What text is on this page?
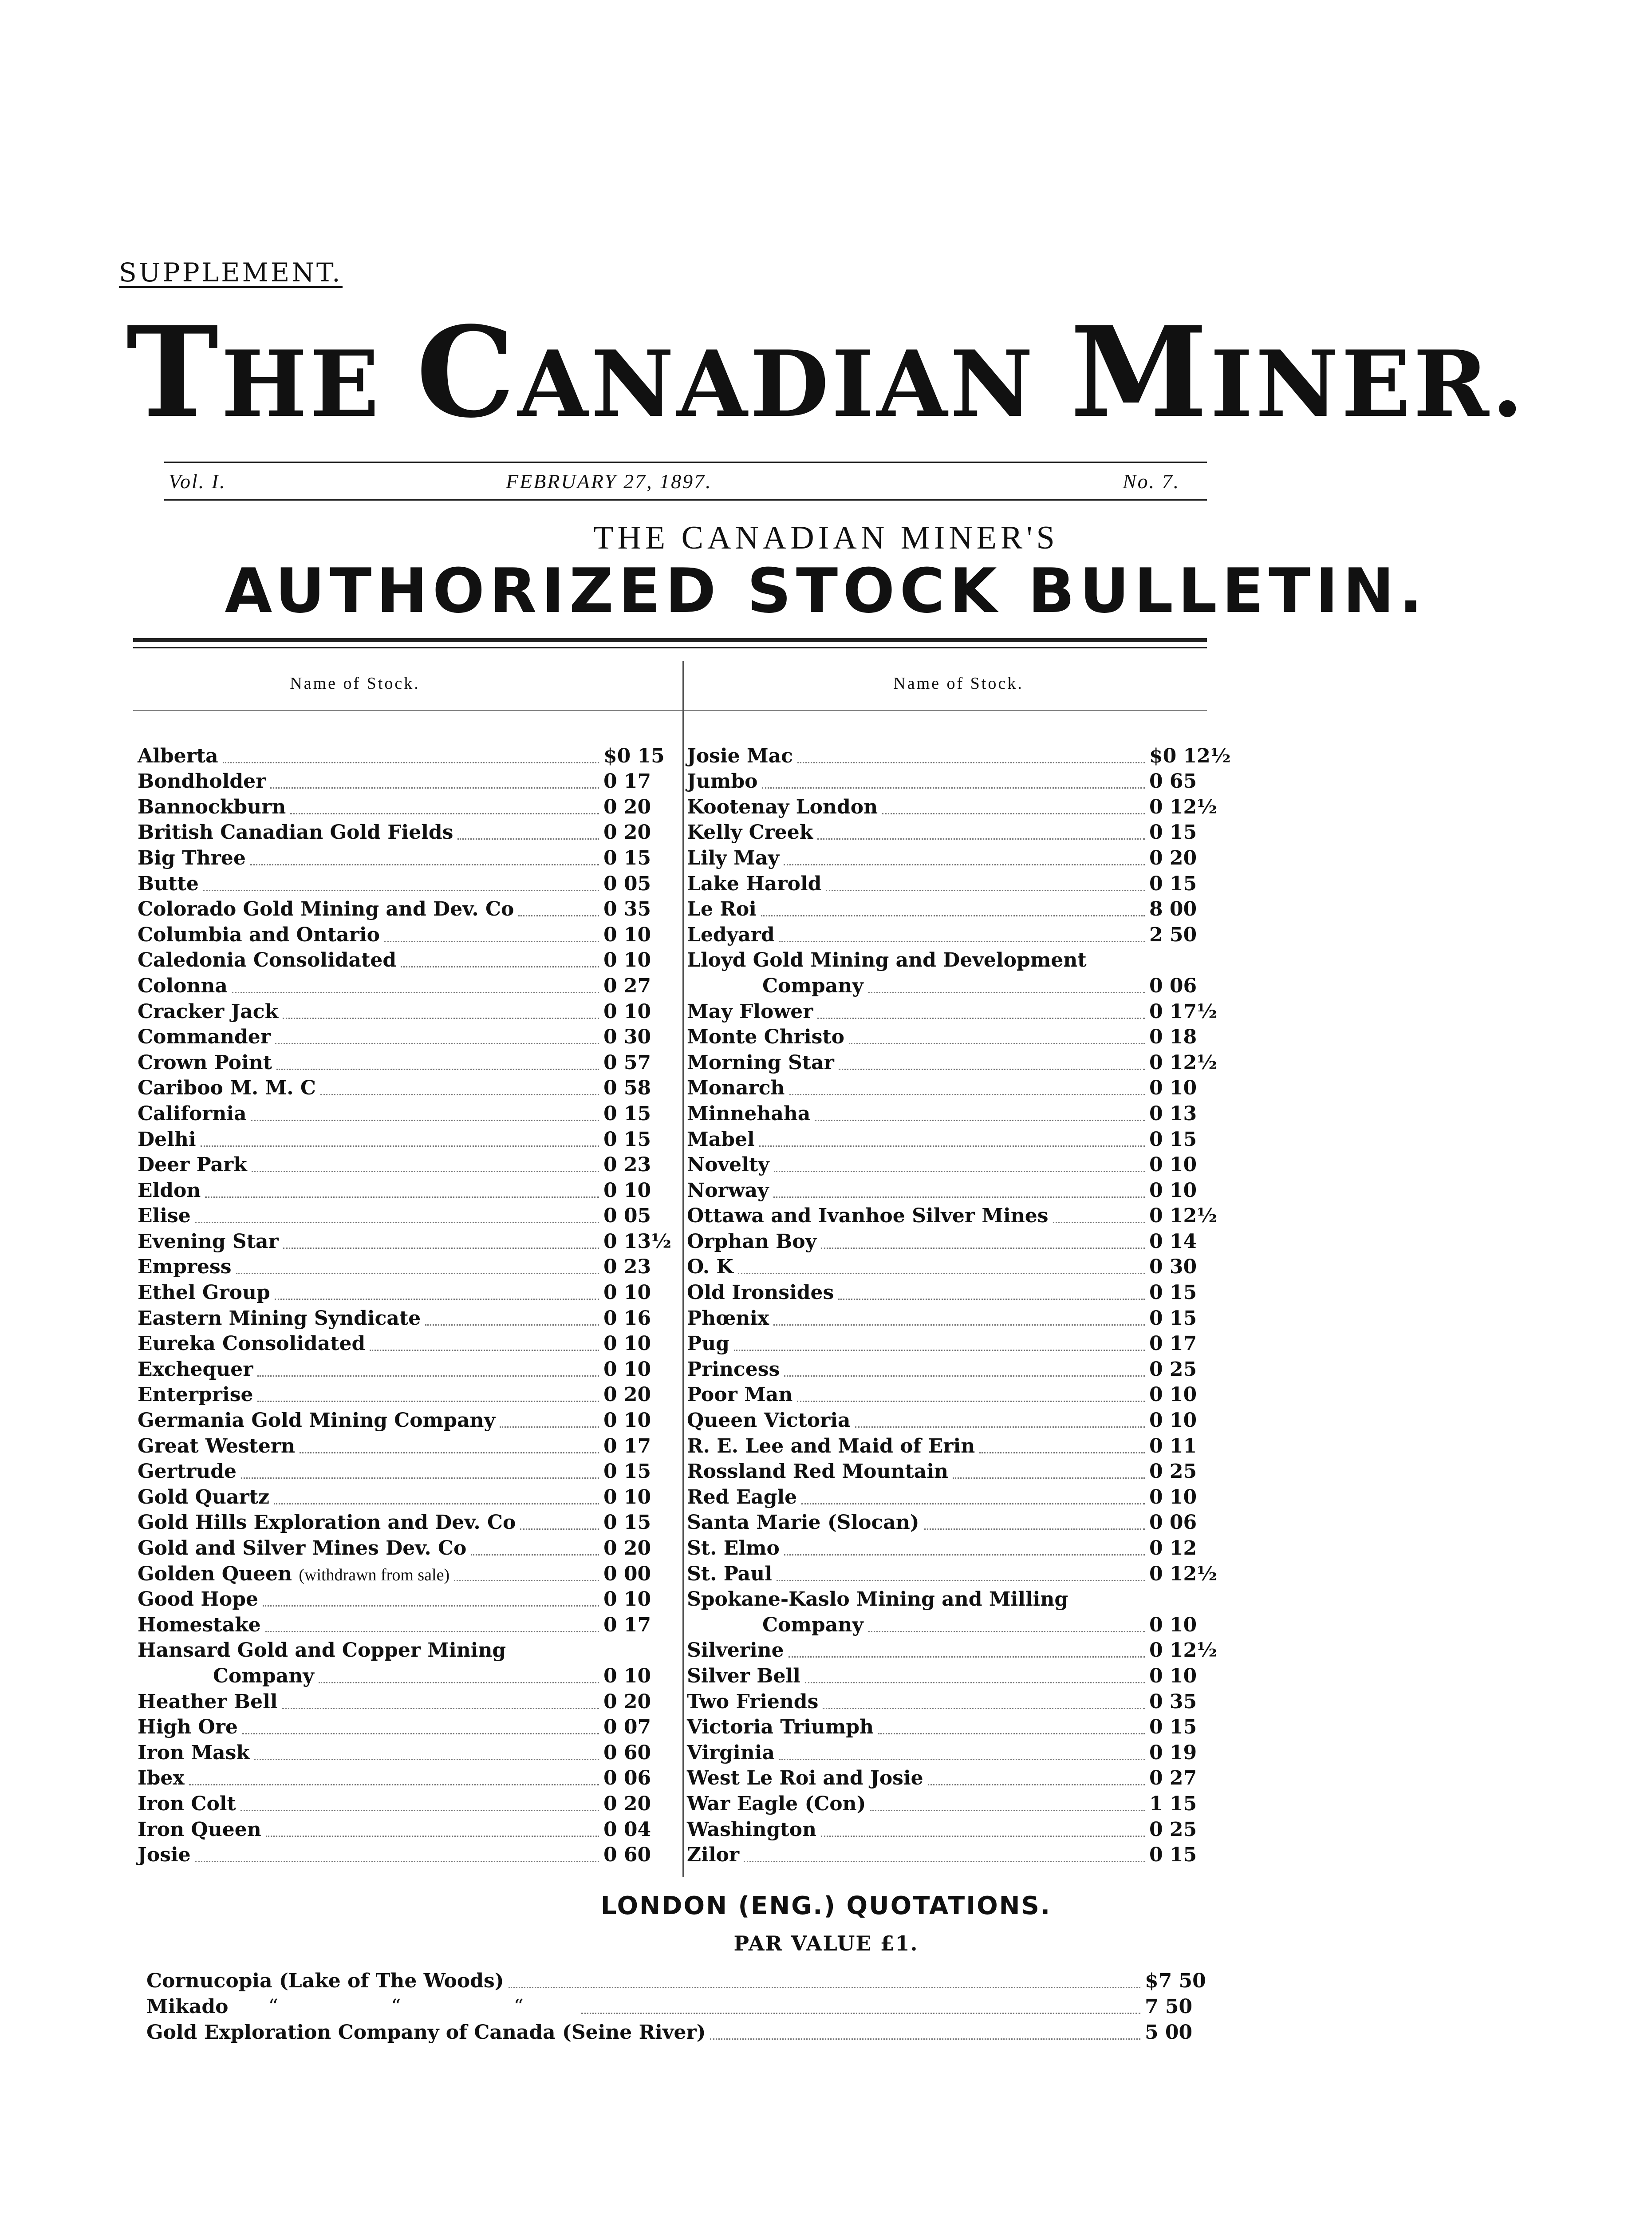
SUPPLEMENT.
THE CANADIAN MINER.
Vol. I.	FEBRUARY 27, 1897.	No. 7.
THE CANADIAN MINER'S
AUTHORIZED STOCK BULLETIN.
Name of Stock.	Name of Stock.
Alberta	$0 15
Bondholder	0 17
Bannockburn	0 20
British Canadian Gold Fields	0 20
Big Three	0 15
Butte	0 05
Colorado Gold Mining and Dev. Co	0 35
Columbia and Ontario	0 10
Caledonia Consolidated	0 10
Colonna	0 27
Cracker Jack	0 10
Commander	0 30
Crown Point	0 57
Cariboo M. M. C	0 58
California	0 15
Delhi	0 15
Deer Park	0 23
Eldon	0 10
Elise	0 05
Evening Star	0 13½
Empress	0 23
Ethel Group	0 10
Eastern Mining Syndicate	0 16
Eureka Consolidated	0 10
Exchequer	0 10
Enterprise	0 20
Germania Gold Mining Company	0 10
Great Western	0 17
Gertrude	0 15
Gold Quartz	0 10
Gold Hills Exploration and Dev. Co	0 15
Gold and Silver Mines Dev. Co	0 20
Golden Queen (withdrawn from sale)	0 00
Good Hope	0 10
Homestake	0 17
Hansard Gold and Copper Mining
Company	0 10
Heather Bell	0 20
High Ore	0 07
Iron Mask	0 60
Ibex	0 06
Iron Colt	0 20
Iron Queen	0 04
Josie	0 60
Josie Mac	$0 12½
Jumbo	0 65
Kootenay London	0 12½
Kelly Creek	0 15
Lily May	0 20
Lake Harold	0 15
Le Roi	8 00
Ledyard	2 50
Lloyd Gold Mining and Development
Company	0 06
May Flower	0 17½
Monte Christo	0 18
Morning Star	0 12½
Monarch	0 10
Minnehaha	0 13
Mabel	0 15
Novelty	0 10
Norway	0 10
Ottawa and Ivanhoe Silver Mines	0 12½
Orphan Boy	0 14
O. K	0 30
Old Ironsides	0 15
Phœnix	0 15
Pug	0 17
Princess	0 25
Poor Man	0 10
Queen Victoria	0 10
R. E. Lee and Maid of Erin	0 11
Rossland Red Mountain	0 25
Red Eagle	0 10
Santa Marie (Slocan)	0 06
St. Elmo	0 12
St. Paul	0 12½
Spokane-Kaslo Mining and Milling
Company	0 10
Silverine	0 12½
Silver Bell	0 10
Two Friends	0 35
Victoria Triumph	0 15
Virginia	0 19
West Le Roi and Josie	0 27
War Eagle (Con)	1 15
Washington	0 25
Zilor	0 15
LONDON (ENG.) QUOTATIONS.
PAR VALUE £1.
Cornucopia (Lake of The Woods)	$7 50
Mikado “ “ “	7 50
Gold Exploration Company of Canada (Seine River)	5 00
